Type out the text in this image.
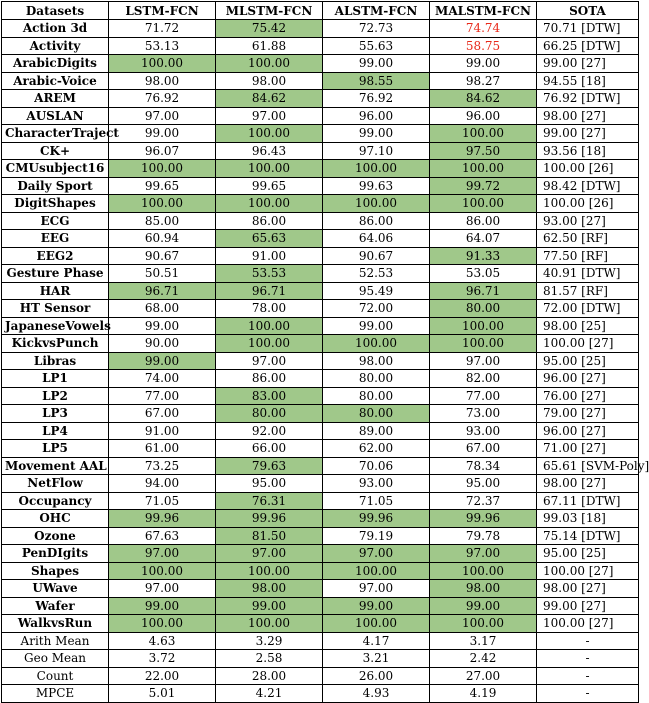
Datasets	LSTM-FCN	MLSTM-FCN	ALSTM-FCN	MALSTM-FCN	SOTA
Action 3d	71.72	75.42	72.73	74.74	70.71 [DTW]
Activity	53.13	61.88	55.63	58.75	66.25 [DTW]
ArabicDigits	100.00	100.00	99.00	99.00	99.00 [27]
Arabic-Voice	98.00	98.00	98.55	98.27	94.55 [18]
AREM	76.92	84.62	76.92	84.62	76.92 [DTW]
AUSLAN	97.00	97.00	96.00	96.00	98.00 [27]
CharacterTraject	99.00	100.00	99.00	100.00	99.00 [27]
CK+	96.07	96.43	97.10	97.50	93.56 [18]
CMUsubject16	100.00	100.00	100.00	100.00	100.00 [26]
Daily Sport	99.65	99.65	99.63	99.72	98.42 [DTW]
DigitShapes	100.00	100.00	100.00	100.00	100.00 [26]
ECG	85.00	86.00	86.00	86.00	93.00 [27]
EEG	60.94	65.63	64.06	64.07	62.50 [RF]
EEG2	90.67	91.00	90.67	91.33	77.50 [RF]
Gesture Phase	50.51	53.53	52.53	53.05	40.91 [DTW]
HAR	96.71	96.71	95.49	96.71	81.57 [RF]
HT Sensor	68.00	78.00	72.00	80.00	72.00 [DTW]
JapaneseVowels	99.00	100.00	99.00	100.00	98.00 [25]
KickvsPunch	90.00	100.00	100.00	100.00	100.00 [27]
Libras	99.00	97.00	98.00	97.00	95.00 [25]
LP1	74.00	86.00	80.00	82.00	96.00 [27]
LP2	77.00	83.00	80.00	77.00	76.00 [27]
LP3	67.00	80.00	80.00	73.00	79.00 [27]
LP4	91.00	92.00	89.00	93.00	96.00 [27]
LP5	61.00	66.00	62.00	67.00	71.00 [27]
Movement AAL	73.25	79.63	70.06	78.34	65.61 [SVM-Poly]
NetFlow	94.00	95.00	93.00	95.00	98.00 [27]
Occupancy	71.05	76.31	71.05	72.37	67.11 [DTW]
OHC	99.96	99.96	99.96	99.96	99.03 [18]
Ozone	67.63	81.50	79.19	79.78	75.14 [DTW]
PenDIgits	97.00	97.00	97.00	97.00	95.00 [25]
Shapes	100.00	100.00	100.00	100.00	100.00 [27]
UWave	97.00	98.00	97.00	98.00	98.00 [27]
Wafer	99.00	99.00	99.00	99.00	99.00 [27]
WalkvsRun	100.00	100.00	100.00	100.00	100.00 [27]
Arith Mean	4.63	3.29	4.17	3.17	-
Geo Mean	3.72	2.58	3.21	2.42	-
Count	22.00	28.00	26.00	27.00	-
MPCE	5.01	4.21	4.93	4.19	-
